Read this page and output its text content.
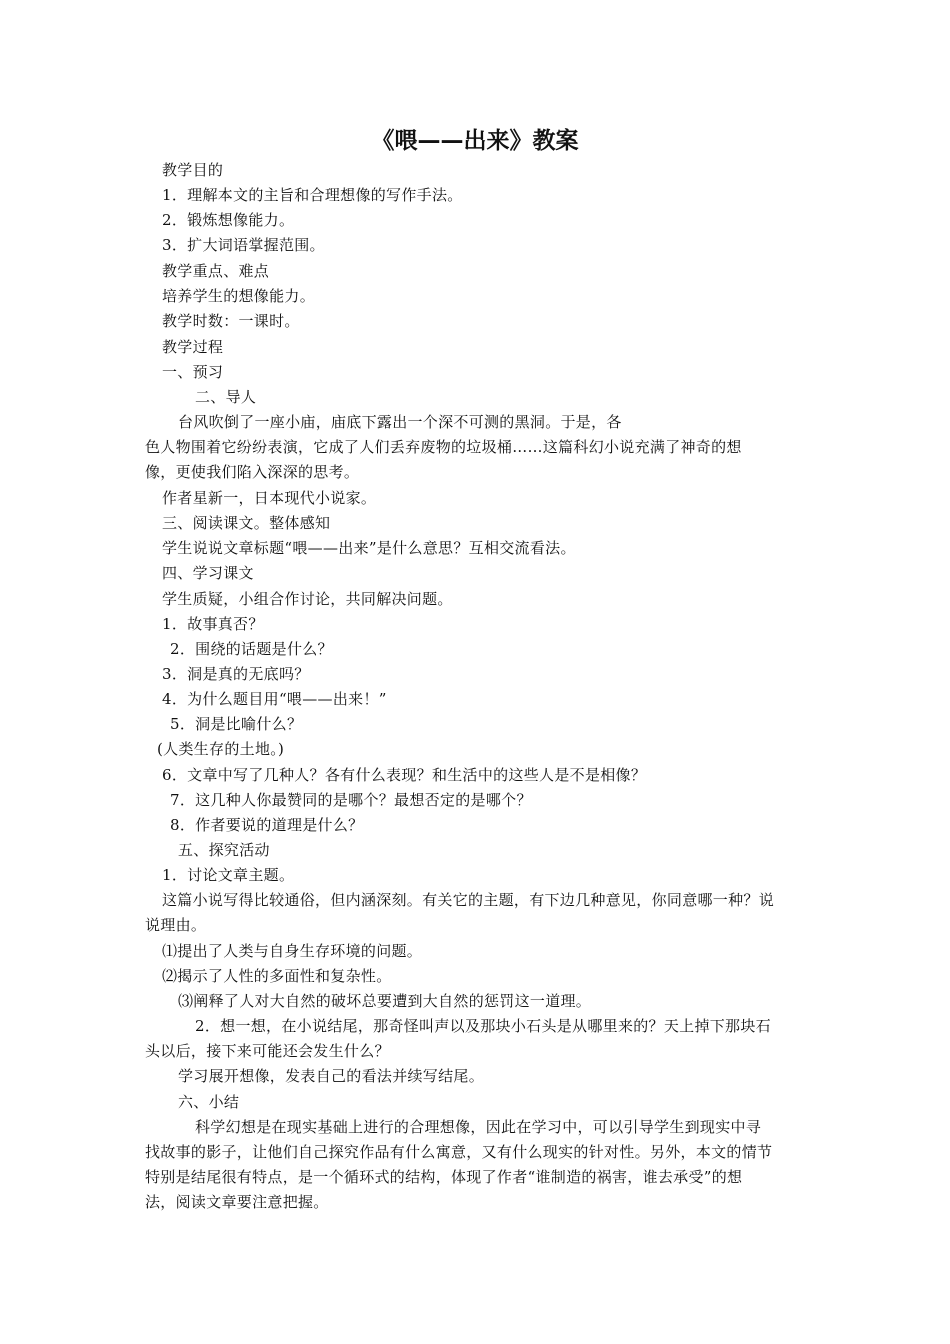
《喂——出来》教案
教学目的
1．理解本文的主旨和合理想像的写作手法。
2．锻炼想像能力。
3．扩大词语掌握范围。
教学重点、难点
培养学生的想像能力。
教学时数：一课时。
教学过程
一、预习
二、导人
台风吹倒了一座小庙，庙底下露出一个深不可测的黑洞。于是，各
色人物围着它纷纷表演，它成了人们丢弃废物的垃圾桶……这篇科幻小说充满了神奇的想
像，更使我们陷入深深的思考。
作者星新一，日本现代小说家。
三、阅读课文。整体感知
学生说说文章标题“喂——出来”是什么意思？互相交流看法。
四、学习课文
学生质疑，小组合作讨论，共同解决问题。
1．故事真否？
2．围绕的话题是什么？
3．洞是真的无底吗？
4．为什么题目用“喂——出来！”
5．洞是比喻什么？
(人类生存的土地。)
6．文章中写了几种人？各有什么表现？和生活中的这些人是不是相像？
7．这几种人你最赞同的是哪个？最想否定的是哪个？
8．作者要说的道理是什么？
五、探究活动
1．讨论文章主题。
这篇小说写得比较通俗，但内涵深刻。有关它的主题，有下边几种意见，你同意哪一种？说
说理由。
⑴提出了人类与自身生存环境的问题。
⑵揭示了人性的多面性和复杂性。
⑶阐释了人对大自然的破坏总要遭到大自然的惩罚这一道理。
2．想一想，在小说结尾，那奇怪叫声以及那块小石头是从哪里来的？天上掉下那块石
头以后，接下来可能还会发生什么？
学习展开想像，发表自己的看法并续写结尾。
六、小结
科学幻想是在现实基础上进行的合理想像，因此在学习中，可以引导学生到现实中寻
找故事的影子，让他们自己探究作品有什么寓意，又有什么现实的针对性。另外，本文的情节
特别是结尾很有特点，是一个循环式的结构，体现了作者“谁制造的祸害，谁去承受”的想
法，阅读文章要注意把握。
